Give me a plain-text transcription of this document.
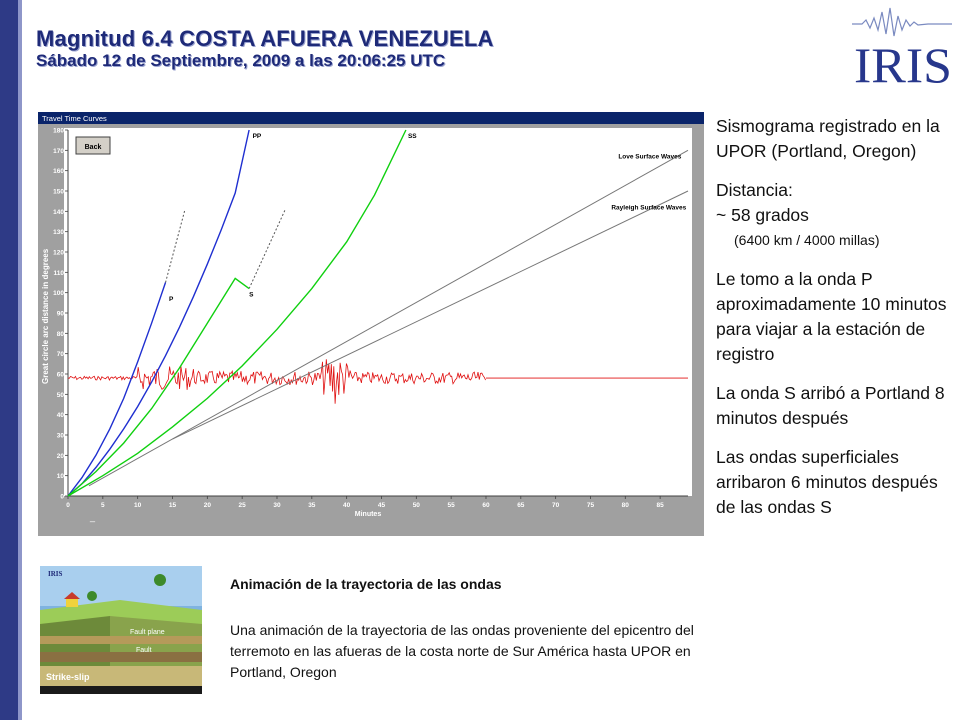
Magnitud 6.4 COSTA AFUERA VENEZUELA
Sábado 12 de Septiembre, 2009 a las 20:06:25 UTC	IRIS
Travel Time Curves
0	5	10	15	20	25	30	35	40	45	50	55	60	65	70	75	80	85
0
10
20
30
40
50
60
70
80
90
100
110
120
130
140
150
160
170
180
Great circle arc distance in degrees
Minutes
_
Back
PP	SS
P
S
Love Surface Waves
Rayleigh Surface Waves

Sismograma registrado en la UPOR (Portland, Oregon)

Distancia:

~ 58 grados

(6400 km / 4000 millas)

Le tomo a la onda P aproximadamente 10 minutos para viajar a la estación de registro

La onda S arribó a Portland 8 minutos después

Las ondas superficiales arribaron 6 minutos después de las ondas S

IRIS
Fault plane
Fault
Strike-slip
Animación de la trayectoria de las ondas
Una animación de la trayectoria de las ondas proveniente del epicentro del terremoto en las afueras de la costa norte de Sur América hasta UPOR en Portland, Oregon
